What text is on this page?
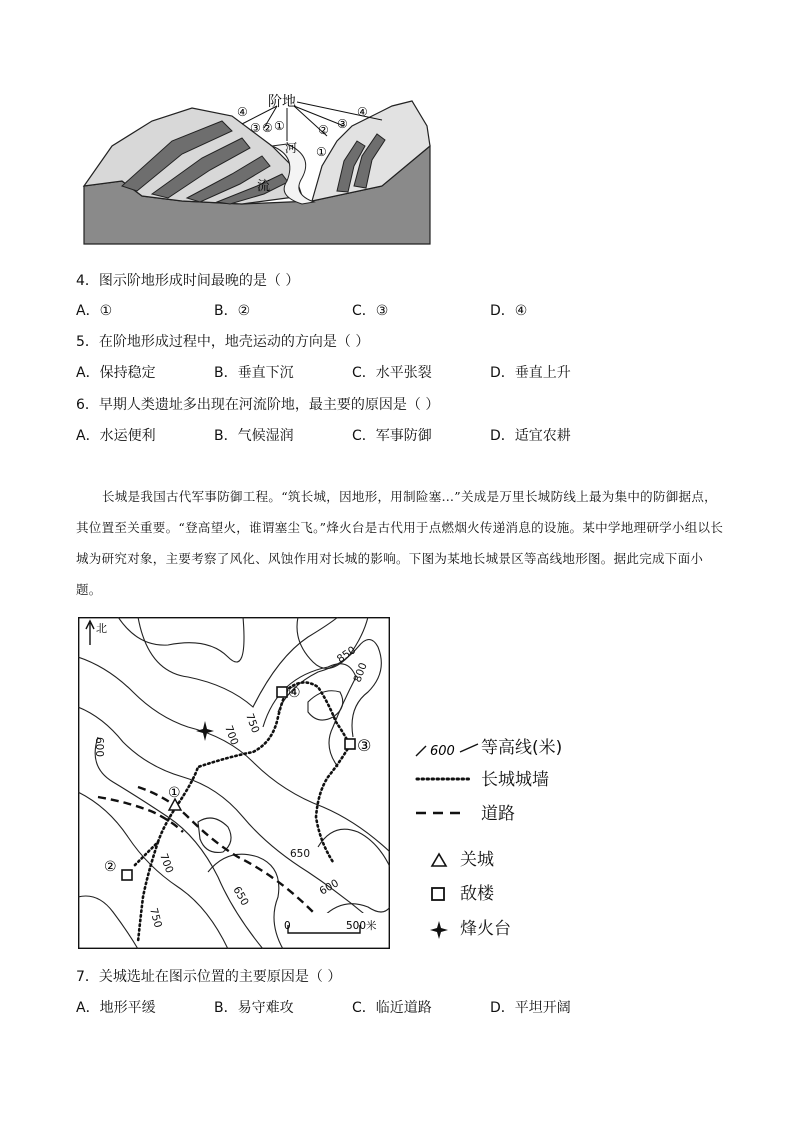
阶地
④
③ ② ①	② ③
④
①
河
流
4．图示阶地形成时间最晚的是（ ）
A．①	B．②	C．③	D．④
5．在阶地形成过程中，地壳运动的方向是（ ）
A．保持稳定	B．垂直下沉	C．水平张裂	D．垂直上升
6．早期人类遗址多出现在河流阶地，最主要的原因是（ ）
A．水运便利	B．气候湿润	C．军事防御	D．适宜农耕
长城是我国古代军事防御工程。“筑长城，因地形，用制险塞…”关成是万里长城防线上最为集中的防御据点，其位置至关重要。“登高望火，谁谓塞尘飞。”烽火台是古代用于点燃烟火传递消息的设施。某中学地理研学小组以长城为研究对象，主要考察了风化、风蚀作用对长城的影响。下图为某地长城景区等高线地形图。据此完成下面小题。
北
①
④
③
②
850
800
750
700
600
700	650
600
650
750	0	500米
600 等高线(米)
长城城墙
道路
关城
敌楼
烽火台
7．关城选址在图示位置的主要原因是（ ）
A．地形平缓	B．易守难攻	C．临近道路	D．平坦开阔
